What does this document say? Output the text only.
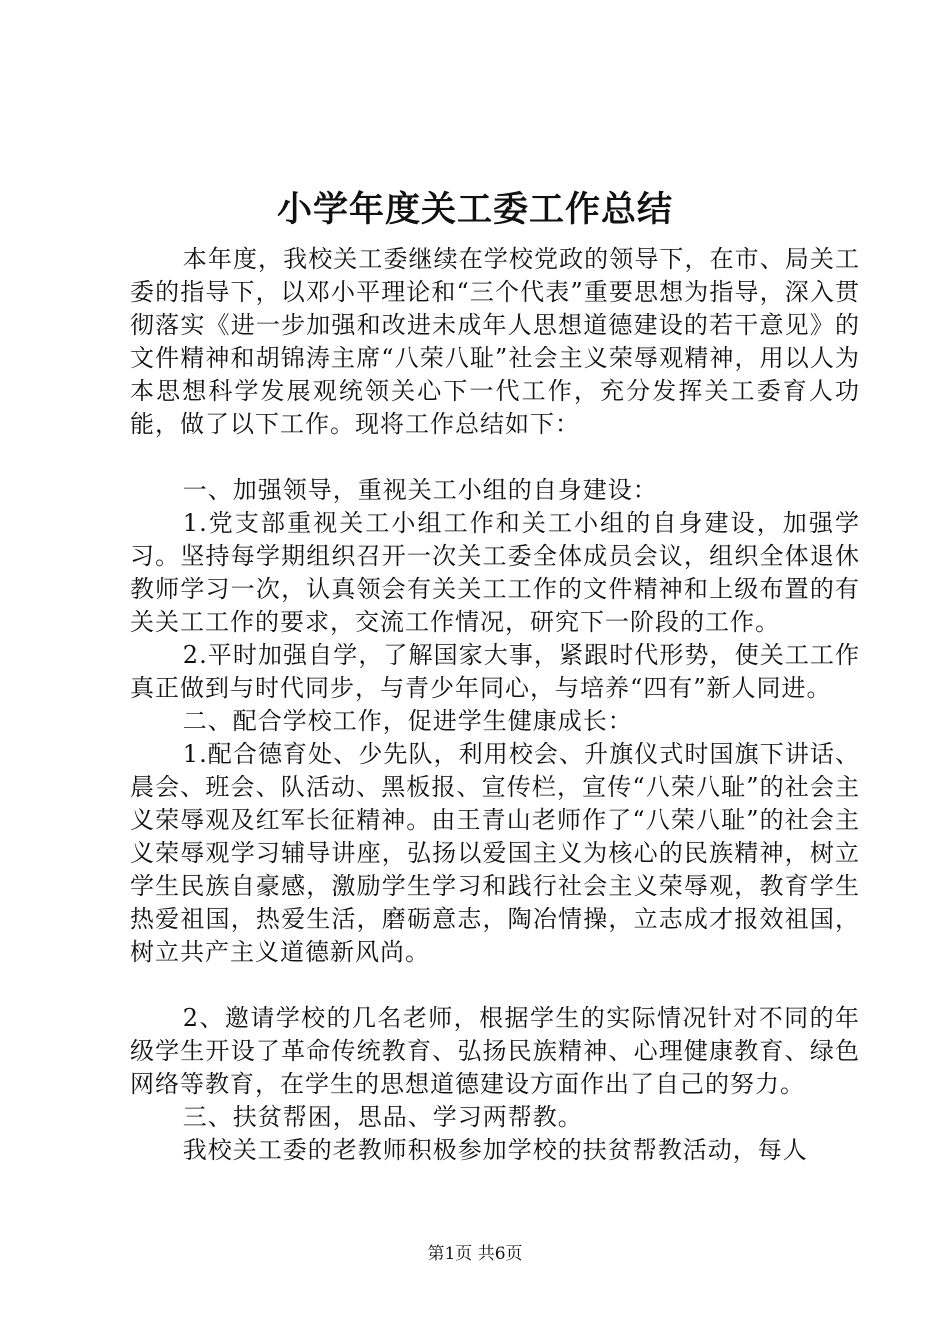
小学年度关工委工作总结

本年度，我校关工委继续在学校党政的领导下，在市、局关工委的指导下，以邓小平理论和“三个代表”重要思想为指导，深入贯彻落实《进一步加强和改进未成年人思想道德建设的若干意见》的文件精神和胡锦涛主席“八荣八耻”社会主义荣辱观精神，用以人为本思想科学发展观统领关心下一代工作，充分发挥关工委育人功能，做了以下工作。现将工作总结如下：

一、加强领导，重视关工小组的自身建设：

1.党支部重视关工小组工作和关工小组的自身建设，加强学习。坚持每学期组织召开一次关工委全体成员会议，组织全体退休教师学习一次，认真领会有关关工工作的文件精神和上级布置的有关关工工作的要求，交流工作情况，研究下一阶段的工作。

2.平时加强自学，了解国家大事，紧跟时代形势，使关工工作真正做到与时代同步，与青少年同心，与培养“四有”新人同进。

二、配合学校工作，促进学生健康成长：

1.配合德育处、少先队，利用校会、升旗仪式时国旗下讲话、晨会、班会、队活动、黑板报、宣传栏，宣传“八荣八耻”的社会主义荣辱观及红军长征精神。由王青山老师作了“八荣八耻”的社会主义荣辱观学习辅导讲座，弘扬以爱国主义为核心的民族精神，树立学生民族自豪感，激励学生学习和践行社会主义荣辱观，教育学生热爱祖国，热爱生活，磨砺意志，陶冶情操，立志成才报效祖国，树立共产主义道德新风尚。

2、邀请学校的几名老师，根据学生的实际情况针对不同的年级学生开设了革命传统教育、弘扬民族精神、心理健康教育、绿色网络等教育，在学生的思想道德建设方面作出了自己的努力。

三、扶贫帮困，思品、学习两帮教。

我校关工委的老教师积极参加学校的扶贫帮教活动，每人

第1页 共6页
